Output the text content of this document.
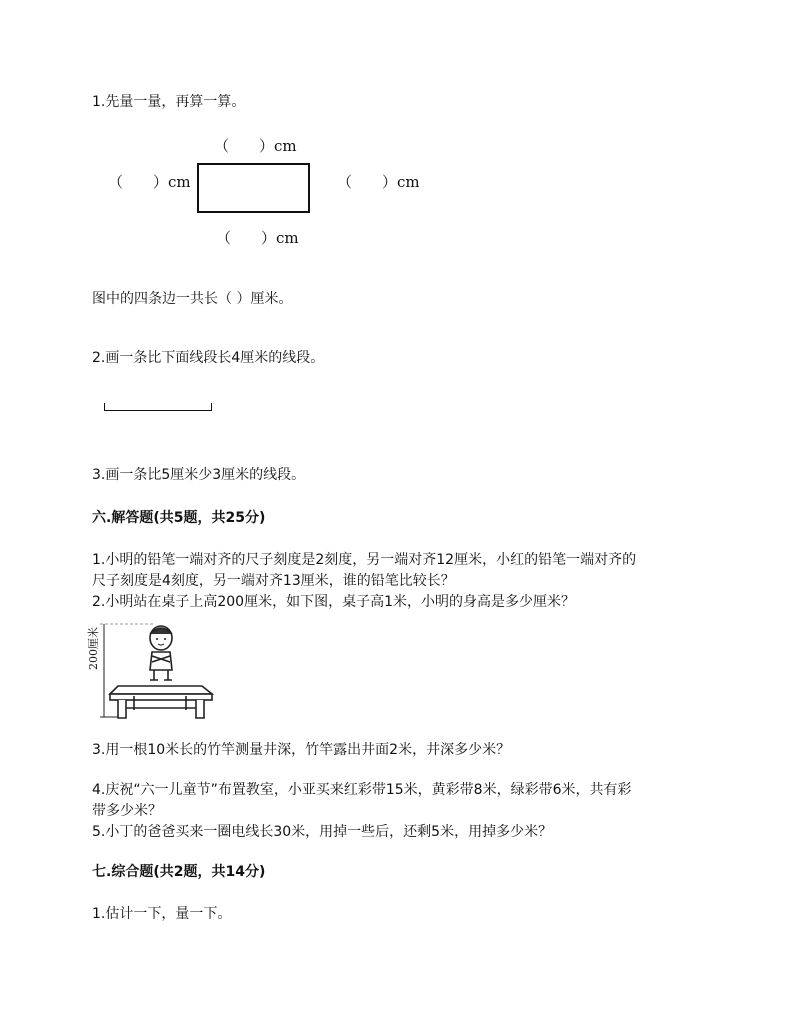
1.先量一量，再算一算。
（　　）cm
（　　）cm	（　　）cm
（　　）cm
图中的四条边一共长（ ）厘米。
2.画一条比下面线段长4厘米的线段。
3.画一条比5厘米少3厘米的线段。
六.解答题(共5题，共25分)
1.小明的铅笔一端对齐的尺子刻度是2刻度，另一端对齐12厘米，小红的铅笔一端对齐的
尺子刻度是4刻度，另一端对齐13厘米，谁的铅笔比较长？
2.小明站在桌子上高200厘米，如下图，桌子高1米，小明的身高是多少厘米？
200厘米
3.用一根10米长的竹竿测量井深，竹竿露出井面2米，井深多少米？
4.庆祝“六一儿童节”布置教室，小亚买来红彩带15米，黄彩带8米，绿彩带6米，共有彩
带多少米？
5.小丁的爸爸买来一圈电线长30米，用掉一些后，还剩5米，用掉多少米？
七.综合题(共2题，共14分)
1.估计一下，量一下。
